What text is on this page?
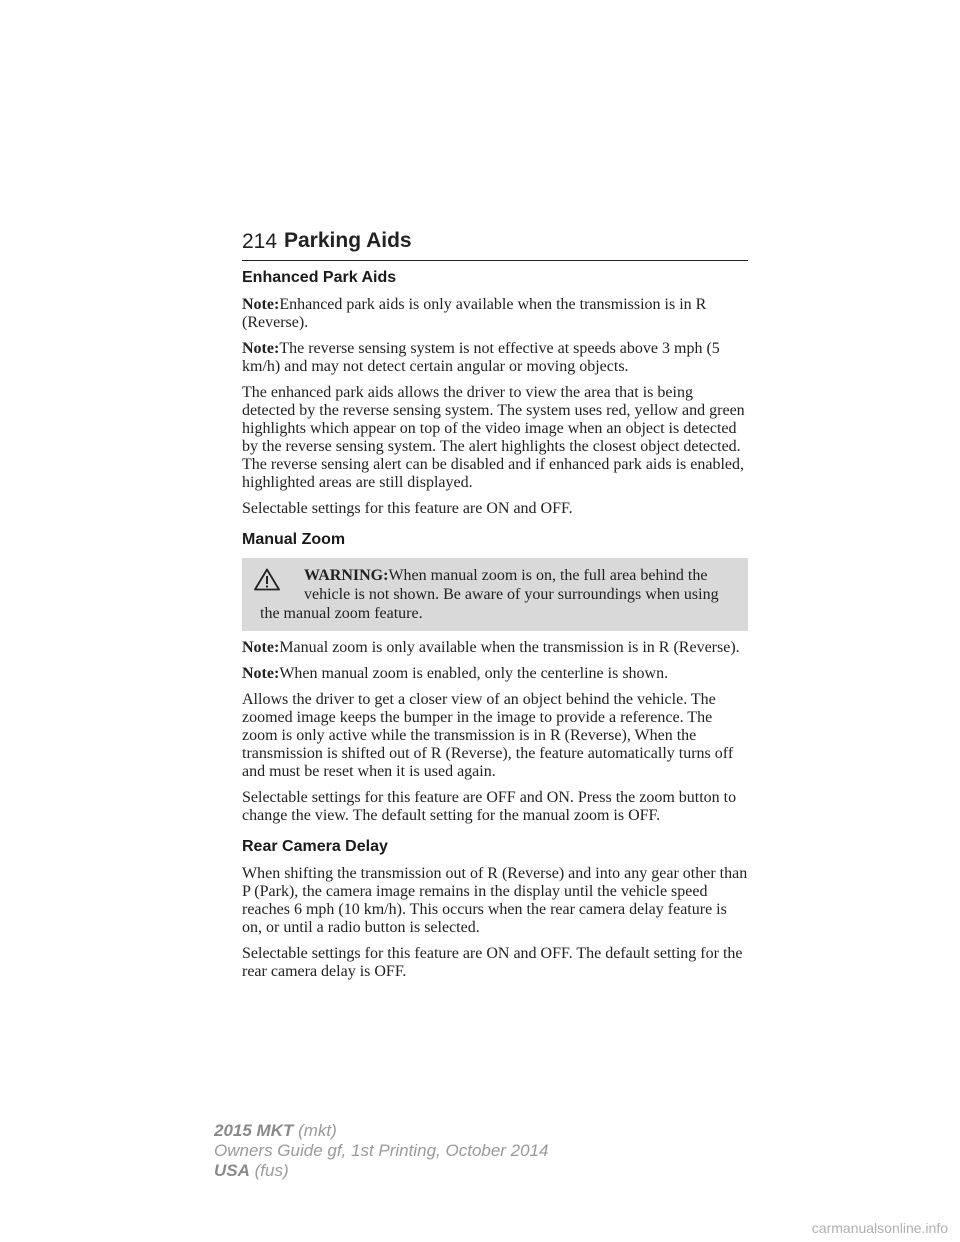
214 Parking Aids
Enhanced Park Aids

Note:Enhanced park aids is only available when the transmission is in R (Reverse).

Note:The reverse sensing system is not effective at speeds above 3 mph (5 km/h) and may not detect certain angular or moving objects.

The enhanced park aids allows the driver to view the area that is being detected by the reverse sensing system. The system uses red, yellow and green highlights which appear on top of the video image when an object is detected by the reverse sensing system. The alert highlights the closest object detected. The reverse sensing alert can be disabled and if enhanced park aids is enabled, highlighted areas are still displayed.

Selectable settings for this feature are ON and OFF.

Manual Zoom
WARNING:When manual zoom is on, the full area behind the vehicle is not shown. Be aware of your surroundings when using
the manual zoom feature.

Note:Manual zoom is only available when the transmission is in R (Reverse).

Note:When manual zoom is enabled, only the centerline is shown.

Allows the driver to get a closer view of an object behind the vehicle. The zoomed image keeps the bumper in the image to provide a reference. The zoom is only active while the transmission is in R (Reverse), When the transmission is shifted out of R (Reverse), the feature automatically turns off and must be reset when it is used again.

Selectable settings for this feature are OFF and ON. Press the zoom button to change the view. The default setting for the manual zoom is OFF.

Rear Camera Delay

When shifting the transmission out of R (Reverse) and into any gear other than P (Park), the camera image remains in the display until the vehicle speed reaches 6 mph (10 km/h). This occurs when the rear camera delay feature is on, or until a radio button is selected.

Selectable settings for this feature are ON and OFF. The default setting for the rear camera delay is OFF.

2015 MKT (mkt)
Owners Guide gf, 1st Printing, October 2014
USA (fus)
carmanualsonline.info
